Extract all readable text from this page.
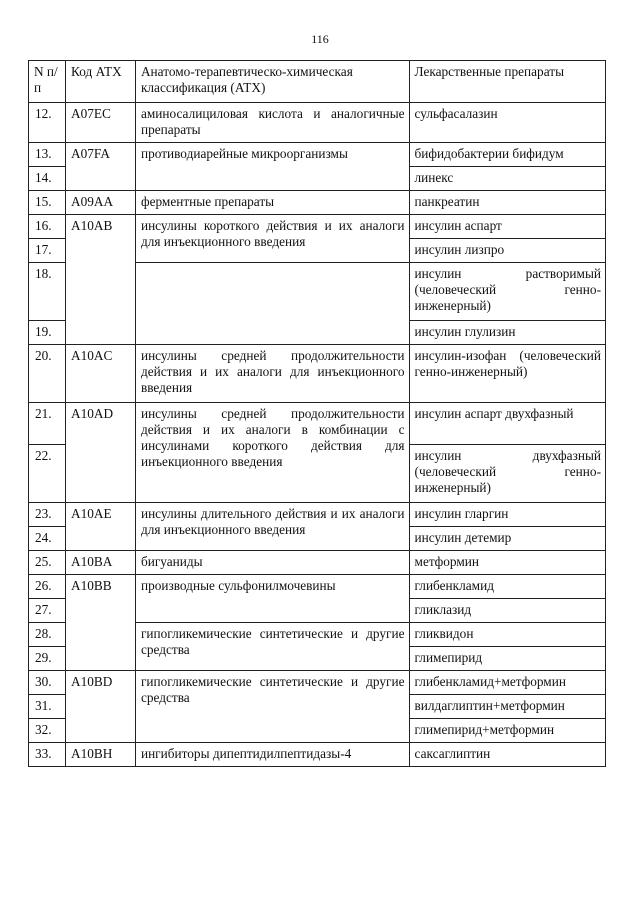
116
N п/п	Код АТХ	Анатомо-терапевтическо-химическая классификация (АТХ)	Лекарственные препараты
12.	A07EC	аминосалициловая кислота и аналогичные препараты	сульфасалазин
13.	A07FA	противодиарейные микроорганизмы	бифидобактерии бифидум
14.			линекс
15.	A09AA	ферментные препараты	панкреатин
16.	A10AB	инсулины короткого действия и их аналоги для инъекционного введения	инсулин аспарт
17.			инсулин лизпро
18.			инсулин растворимый (человеческий генно-инженерный)
19.			инсулин глулизин
20.	A10AC	инсулины средней продолжительности действия и их аналоги для инъекционного введения	инсулин-изофан (человеческий генно-инженерный)
21.	A10AD	инсулины средней продолжительности действия и их аналоги в комбинации с инсулинами короткого действия для инъекционного введения	инсулин аспарт двухфазный
22.			инсулин двухфазный (человеческий генно-инженерный)
23.	A10AE	инсулины длительного действия и их аналоги для инъекционного введения	инсулин гларгин
24.			инсулин детемир
25.	A10BA	бигуаниды	метформин
26.	A10BB	производные сульфонилмочевины	глибенкламид
27.			гликлазид
28.		гипогликемические синтетические и другие средства	гликвидон
29.			глимепирид
30.	A10BD	гипогликемические синтетические и другие средства	глибенкламид+метформин
31.			вилдаглиптин+метформин
32.			глимепирид+метформин
33.	A10BH	ингибиторы дипептидилпептидазы-4	саксаглиптин
